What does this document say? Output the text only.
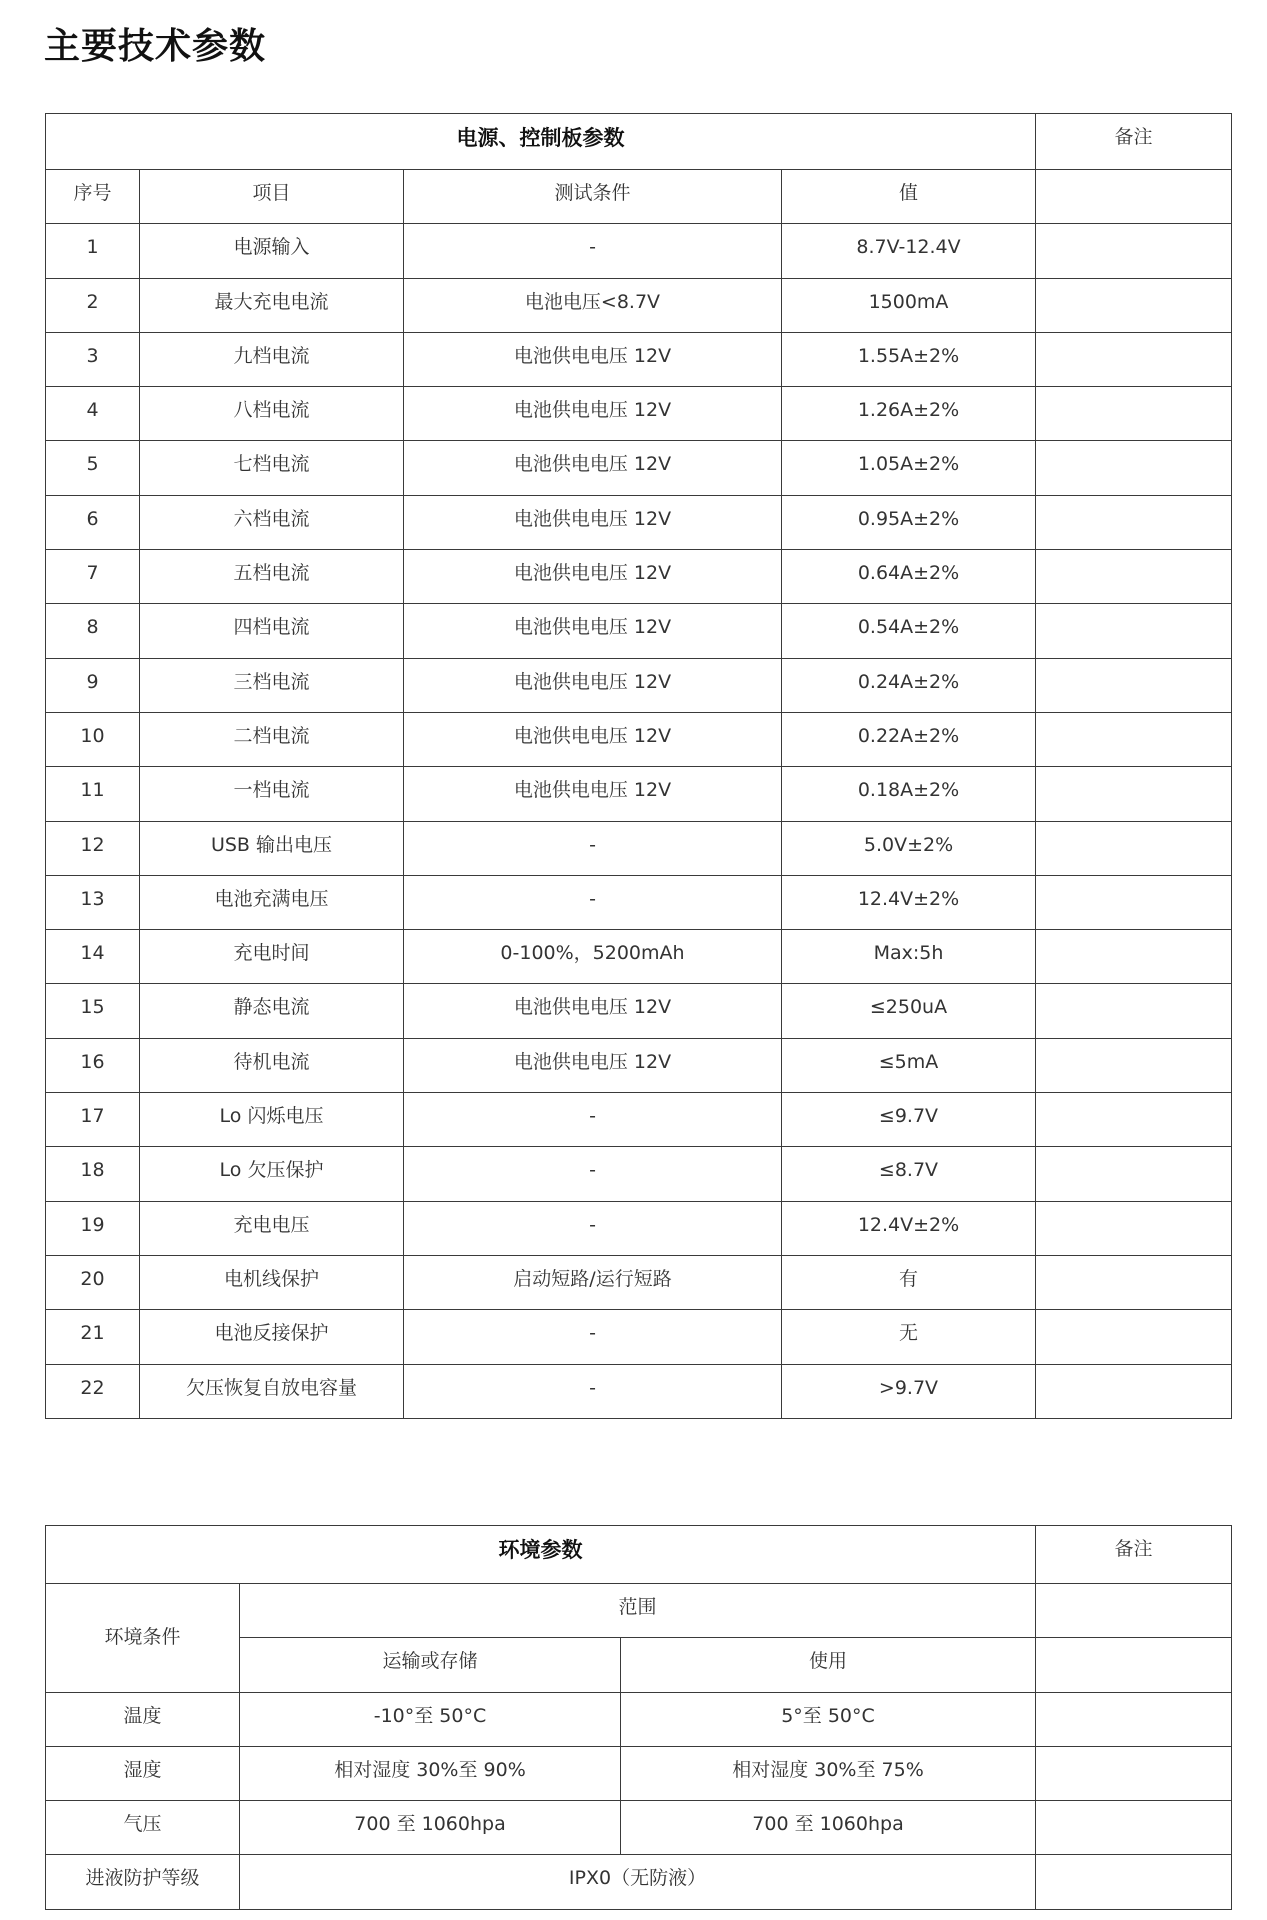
主要技术参数
电源、控制板参数				备注
序号	项目	测试条件	值	
1	电源输入	-	8.7V-12.4V	
2	最大充电电流	电池电压<8.7V	1500mA	
3	九档电流	电池供电电压 12V	1.55A±2%	
4	八档电流	电池供电电压 12V	1.26A±2%	
5	七档电流	电池供电电压 12V	1.05A±2%	
6	六档电流	电池供电电压 12V	0.95A±2%	
7	五档电流	电池供电电压 12V	0.64A±2%	
8	四档电流	电池供电电压 12V	0.54A±2%	
9	三档电流	电池供电电压 12V	0.24A±2%	
10	二档电流	电池供电电压 12V	0.22A±2%	
11	一档电流	电池供电电压 12V	0.18A±2%	
12	USB 输出电压	-	5.0V±2%	
13	电池充满电压	-	12.4V±2%	
14	充电时间	0-100%，5200mAh	Max:5h	
15	静态电流	电池供电电压 12V	≤250uA	
16	待机电流	电池供电电压 12V	≤5mA	
17	Lo 闪烁电压	-	≤9.7V	
18	Lo 欠压保护	-	≤8.7V	
19	充电电压	-	12.4V±2%	
20	电机线保护	启动短路/运行短路	有	
21	电池反接保护	-	无	
22	欠压恢复自放电容量	-	>9.7V	
环境参数			备注
环境条件	范围		
	运输或存储	使用	
温度	-10°至 50°C	5°至 50°C	
湿度	相对湿度 30%至 90%	相对湿度 30%至 75%	
气压	700 至 1060hpa	700 至 1060hpa	
进液防护等级	IPX0（无防液）		
